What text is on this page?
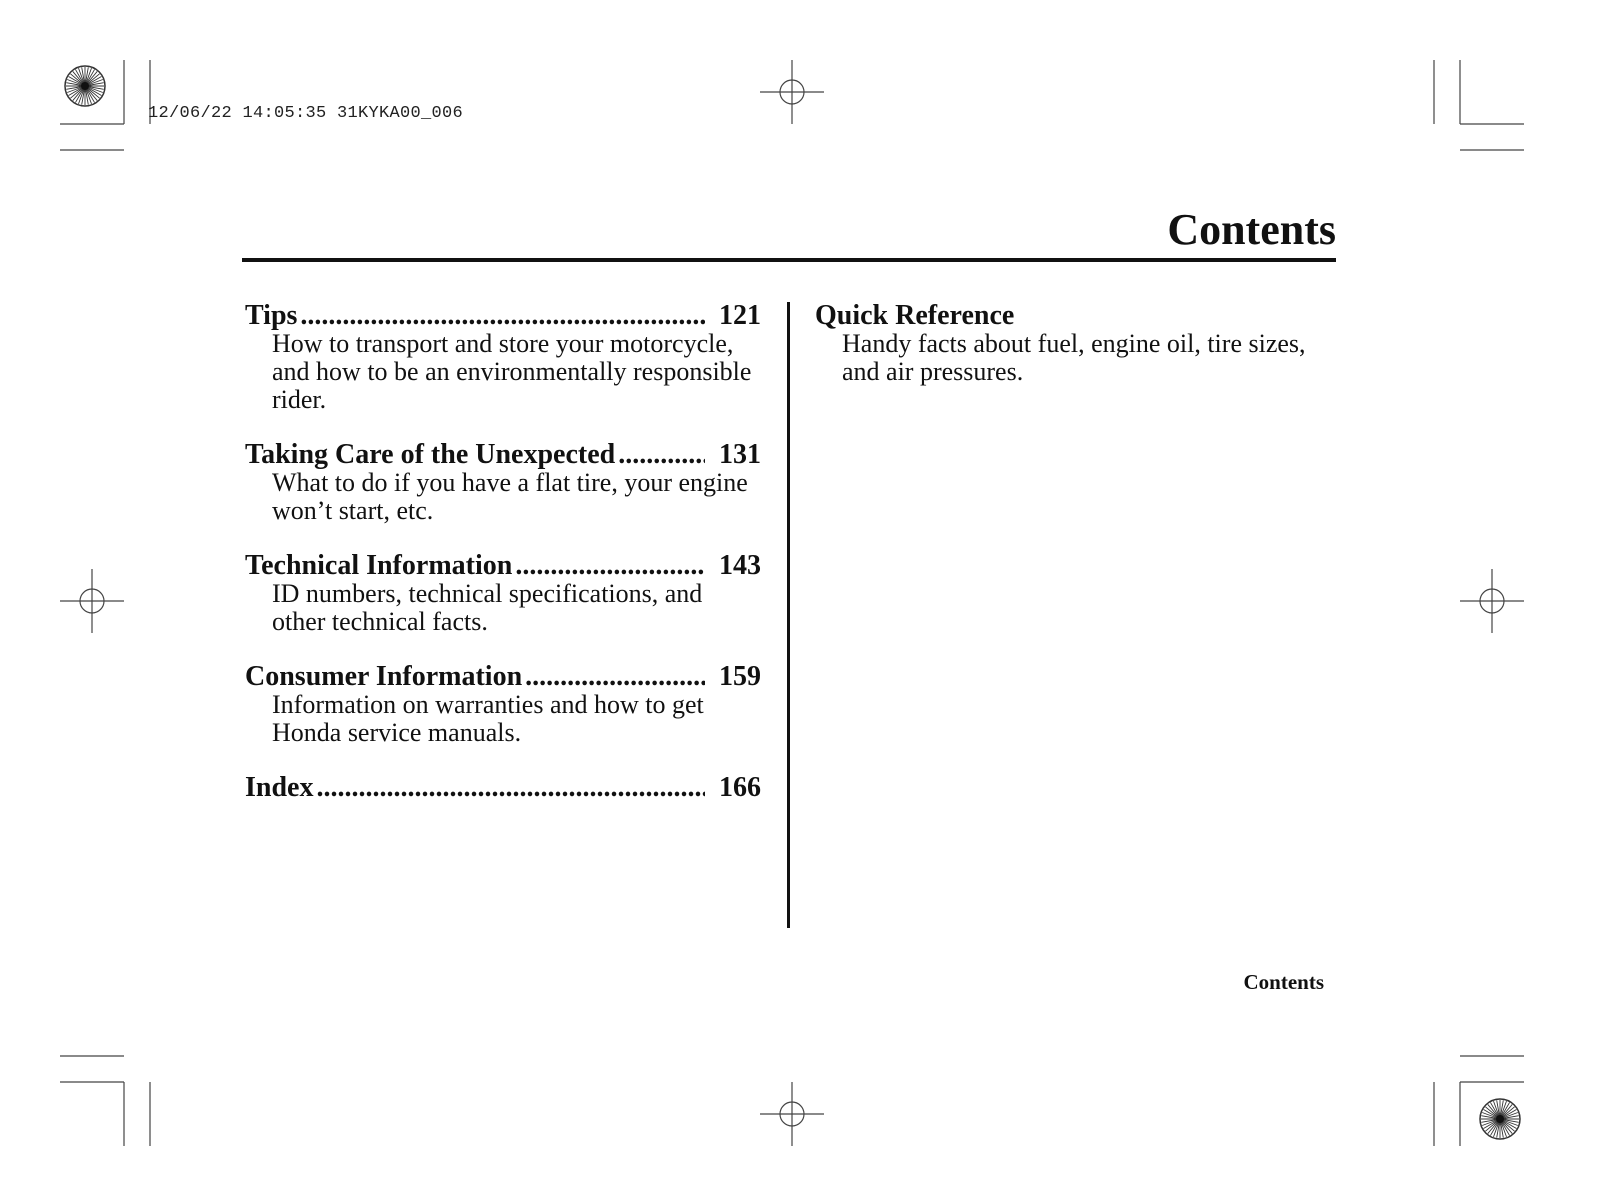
12/06/22 14:05:35 31KYKA00_006
Contents
Tips .....	121

How to transport and store your motorcycle, and how to be an environmentally responsible rider.

Taking Care of the Unexpected .....	131

What to do if you have a flat tire, your engine won’t start, etc.

Technical Information .....	143

ID numbers, technical specifications, and other technical facts.

Consumer Information .....	159

Information on warranties and how to get Honda service manuals.

Index .....	166
Quick Reference

Handy facts about fuel, engine oil, tire sizes, and air pressures.

Contents
